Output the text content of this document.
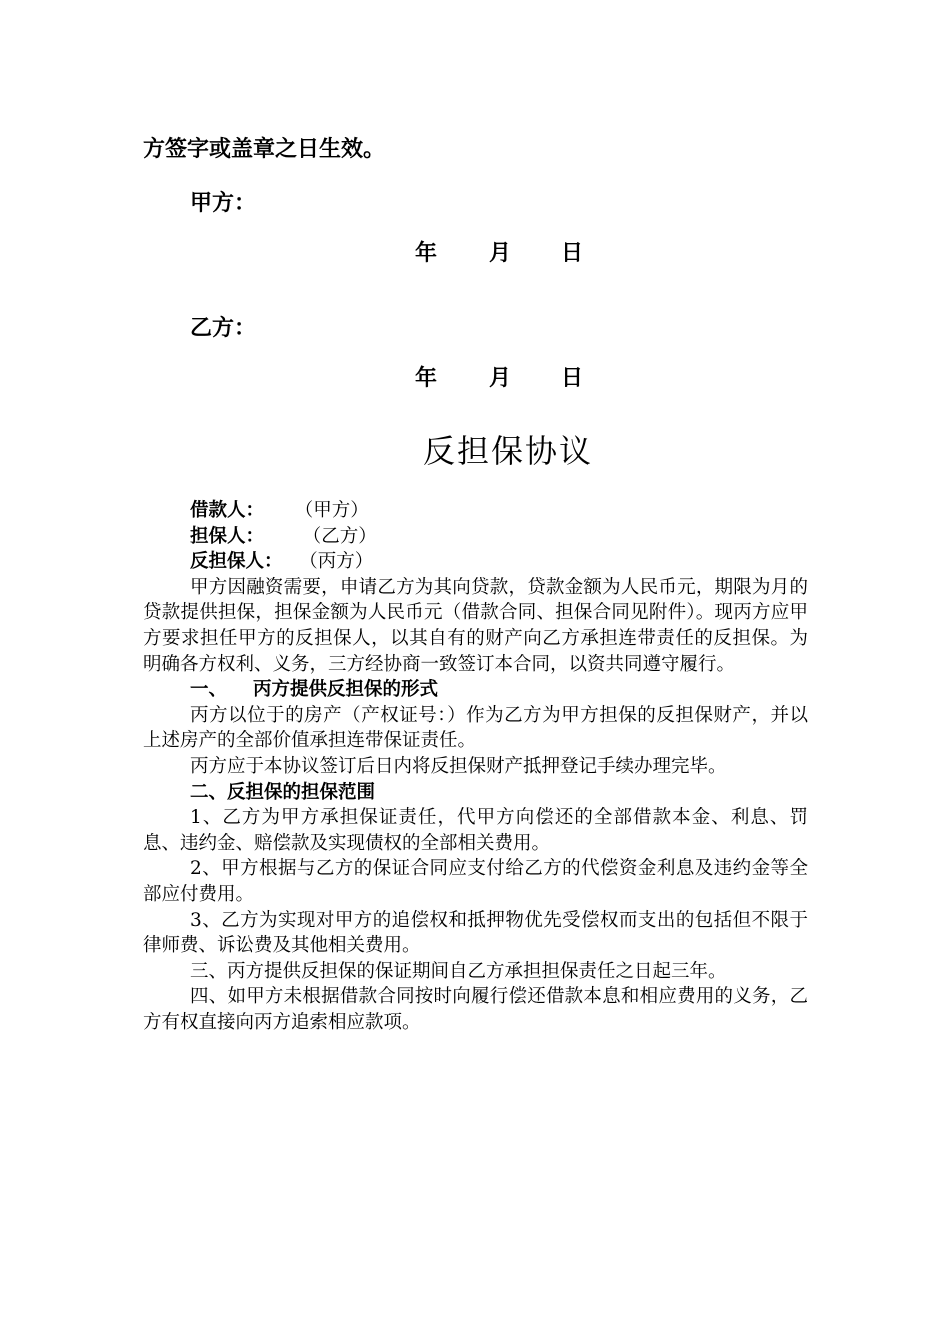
方签字或盖章之日生效。
甲方：
年 月 日
乙方：
年 月 日
反担保协议

借款人： （甲方）

担保人：	（乙方）

反担保人： （丙方）

甲方因融资需要，申请乙方为其向贷款，贷款金额为人民币元，期限为月的贷款提供担保，担保金额为人民币元（借款合同、担保合同见附件）。现丙方应甲方要求担任甲方的反担保人，以其自有的财产向乙方承担连带责任的反担保。为明确各方权利、义务，三方经协商一致签订本合同，以资共同遵守履行。

一、 丙方提供反担保的形式

丙方以位于的房产（产权证号：）作为乙方为甲方担保的反担保财产，并以上述房产的全部价值承担连带保证责任。

丙方应于本协议签订后日内将反担保财产抵押登记手续办理完毕。

二、反担保的担保范围

1、乙方为甲方承担保证责任，代甲方向偿还的全部借款本金、利息、罚息、违约金、赔偿款及实现债权的全部相关费用。

2、甲方根据与乙方的保证合同应支付给乙方的代偿资金利息及违约金等全部应付费用。

3、乙方为实现对甲方的追偿权和抵押物优先受偿权而支出的包括但不限于律师费、诉讼费及其他相关费用。

三、丙方提供反担保的保证期间自乙方承担担保责任之日起三年。

四、如甲方未根据借款合同按时向履行偿还借款本息和相应费用的义务，乙方有权直接向丙方追索相应款项。
